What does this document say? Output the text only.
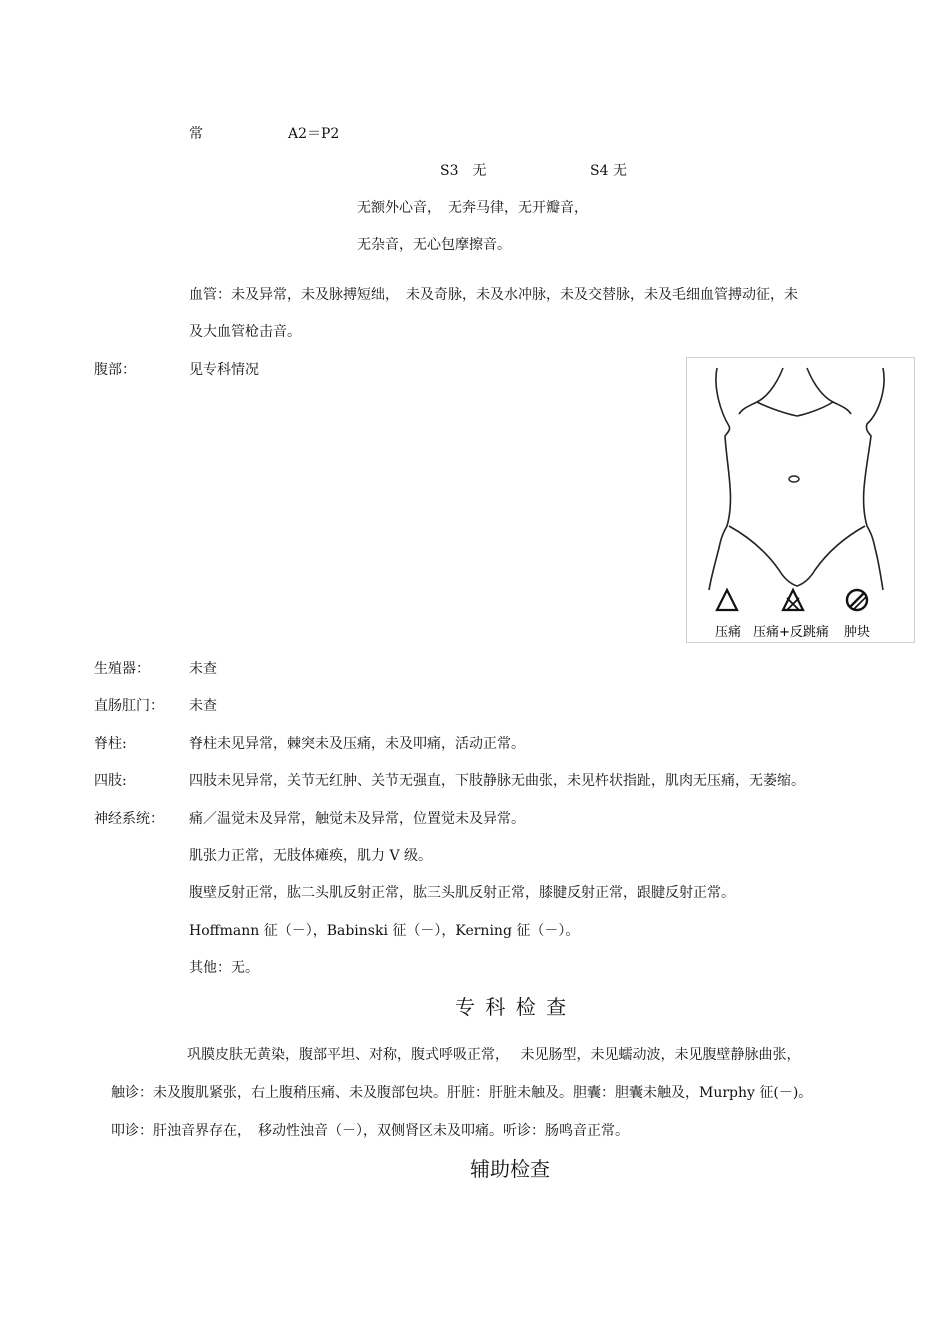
常	A2＝P2
S3　无	S4 无
无额外心音，　无奔马律，无开瓣音，
无杂音，无心包摩擦音。
血管：未及异常，未及脉搏短绌，　未及奇脉，未及水冲脉，未及交替脉，未及毛细血管搏动征，未
及大血管枪击音。
腹部：	见专科情况
压痛 压痛+反跳痛 肿块
生殖器：	未查
直肠肛门： 未查
脊柱:	脊柱未见异常，棘突未及压痛，未及叩痛，活动正常。
四肢:	四肢未见异常，关节无红肿、关节无强直，下肢静脉无曲张，未见杵状指趾，肌肉无压痛，无萎缩。
神经系统： 痛／温觉未及异常，触觉未及异常，位置觉未及异常。
肌张力正常，无肢体瘫痪，肌力 V 级。
腹壁反射正常，肱二头肌反射正常，肱三头肌反射正常，膝腱反射正常，跟腱反射正常。
Hoffmann 征（－），Babinski 征（－），Kerning 征（－）。
其他：无。
专 科 检 查
巩膜皮肤无黄染，腹部平坦、对称，腹式呼吸正常，　 未见肠型，未见蠕动波，未见腹壁静脉曲张，
触诊：未及腹肌紧张，右上腹稍压痛、未及腹部包块。肝脏：肝脏未触及。胆囊：胆囊未触及，Murphy 征(－)。
叩诊：肝浊音界存在，　移动性浊音（－），双侧肾区未及叩痛。听诊：肠鸣音正常。
辅助检查
